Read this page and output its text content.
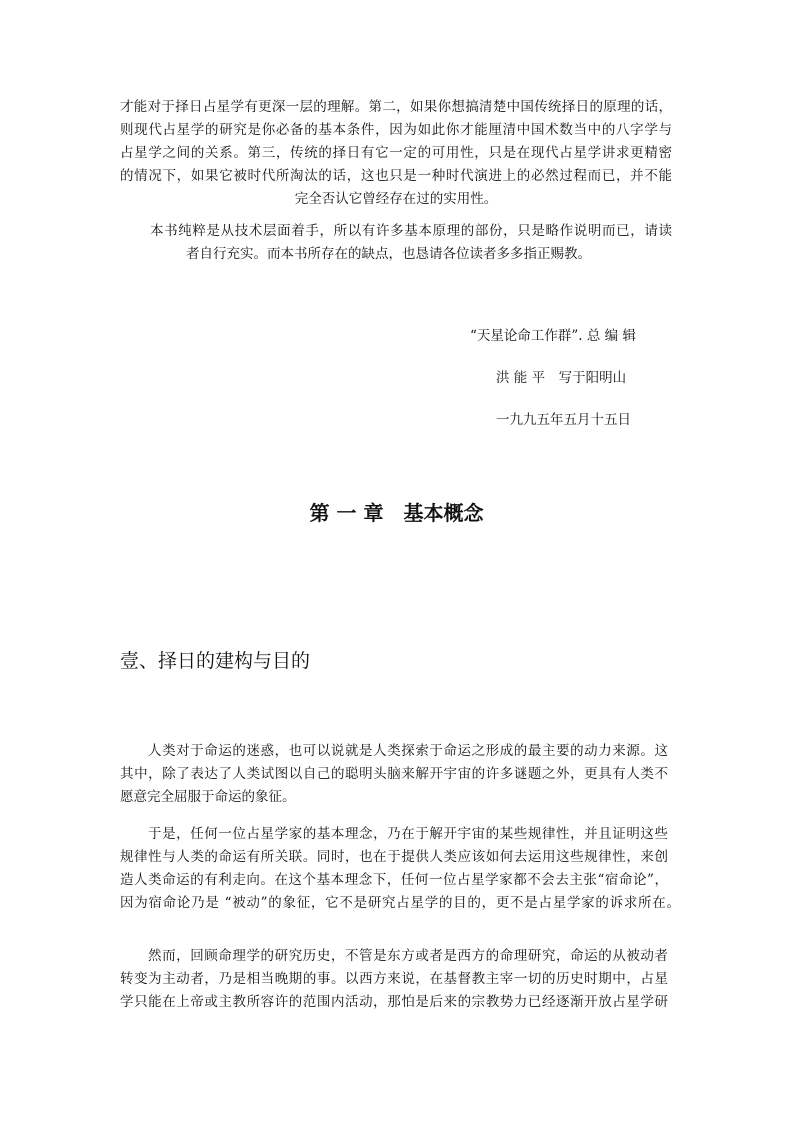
才能对于择日占星学有更深一层的理解。第二，如果你想搞清楚中国传统择日的原理的话，
则现代占星学的研究是你必备的基本条件，因为如此你才能厘清中国术数当中的八字学与
占星学之间的关系。第三，传统的择日有它一定的可用性，只是在现代占星学讲求更精密
的情况下，如果它被时代所淘汰的话，这也只是一种时代演进上的必然过程而已，并不能
完全否认它曾经存在过的实用性。
本书纯粹是从技术层面着手，所以有许多基本原理的部份，只是略作说明而已，请读
者自行充实。而本书所存在的缺点，也恳请各位读者多多指正赐教。
“天星论命工作群”. 总 编 辑
洪 能 平　写于阳明山
一九九五年五月十五日
第 一 章　基本概念
壹、择日的建构与目的
人类对于命运的迷惑，也可以说就是人类探索于命运之形成的最主要的动力来源。这
其中，除了表达了人类试图以自己的聪明头脑来解开宇宙的许多谜题之外，更具有人类不
愿意完全屈服于命运的象征。
于是，任何一位占星学家的基本理念，乃在于解开宇宙的某些规律性，并且证明这些
规律性与人类的命运有所关联。同时，也在于提供人类应该如何去运用这些规律性，来创
造人类命运的有利走向。在这个基本理念下，任何一位占星学家都不会去主张“宿命论”，
因为宿命论乃是 “被动”的象征，它不是研究占星学的目的，更不是占星学家的诉求所在。
然而，回顾命理学的研究历史，不管是东方或者是西方的命理研究，命运的从被动者
转变为主动者，乃是相当晚期的事。以西方来说，在基督教主宰一切的历史时期中，占星
学只能在上帝或主教所容许的范围内活动，那怕是后来的宗教势力已经逐渐开放占星学研
